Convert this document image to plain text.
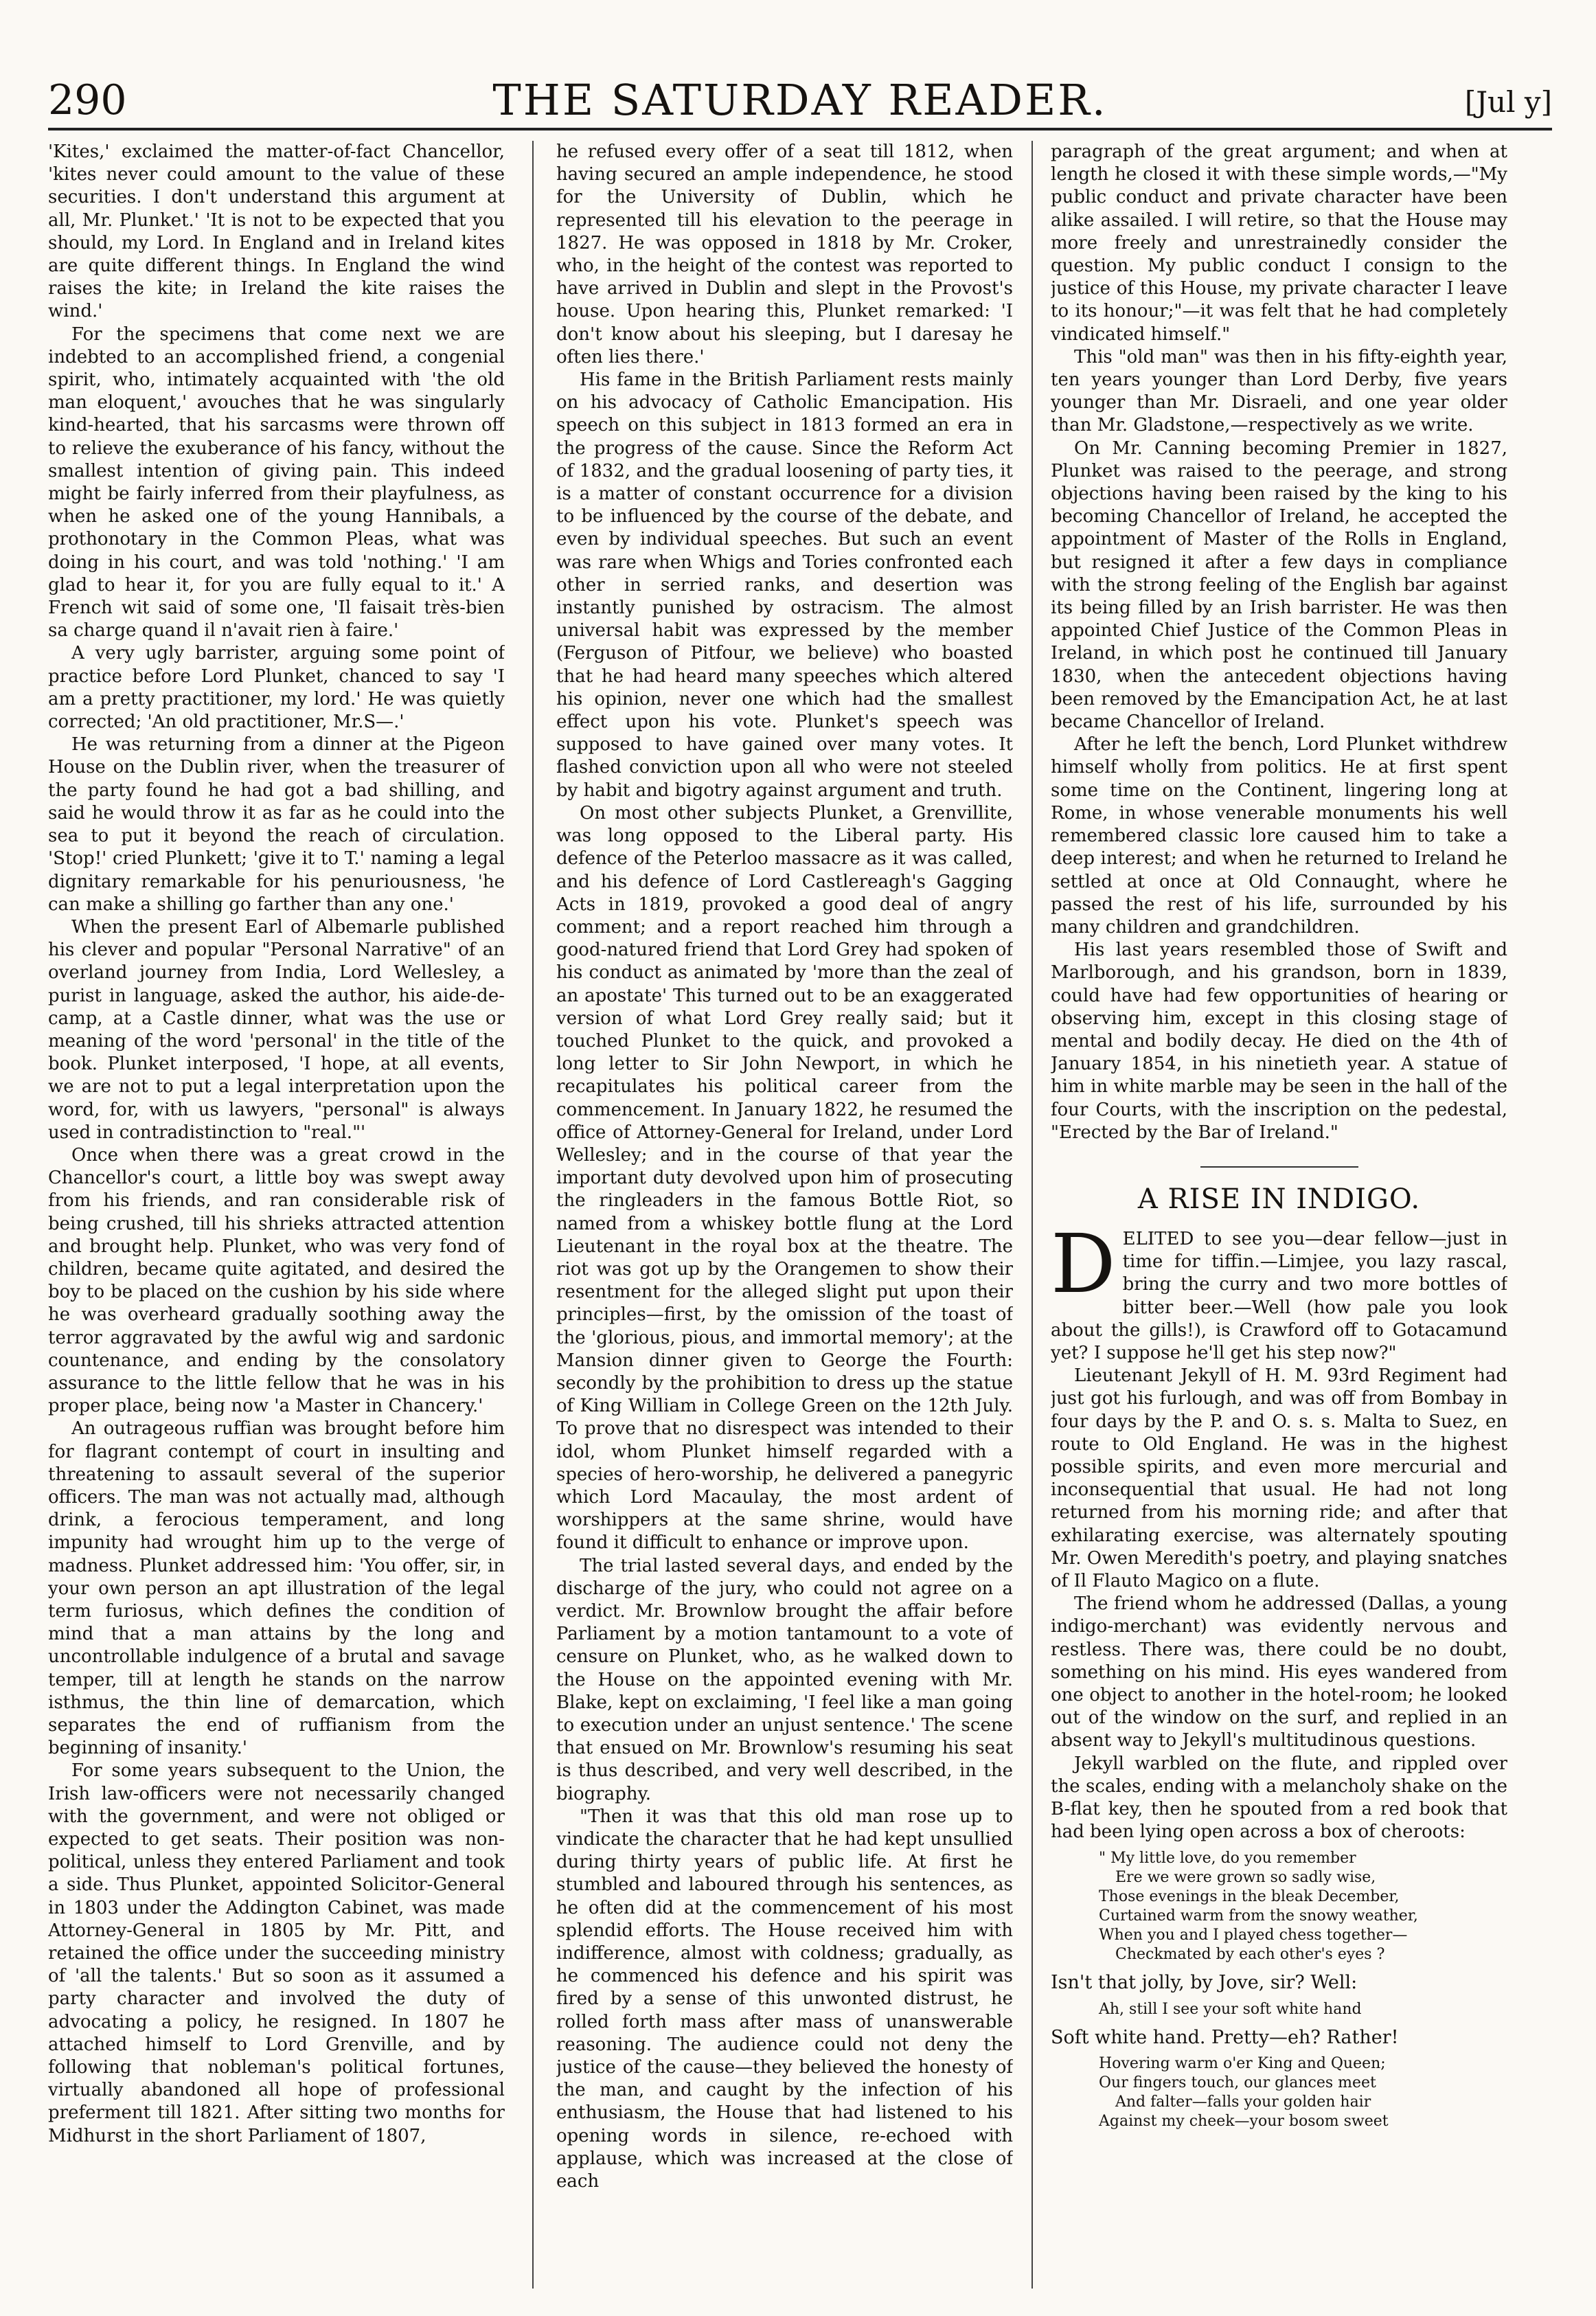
290	THE SATURDAY READER.	[Jul y]

'Kites,' exclaimed the matter-of-fact Chancellor, 'kites never could amount to the value of these securities. I don't understand this argument at all, Mr. Plunket.' 'It is not to be expected that you should, my Lord. In England and in Ireland kites are quite different things. In England the wind raises the kite; in Ireland the kite raises the wind.'

For the specimens that come next we are indebted to an accomplished friend, a congenial spirit, who, intimately acquainted with 'the old man eloquent,' avouches that he was singularly kind-hearted, that his sarcasms were thrown off to relieve the exuberance of his fancy, without the smallest intention of giving pain. This indeed might be fairly inferred from their playfulness, as when he asked one of the young Hannibals, a prothonotary in the Common Pleas, what was doing in his court, and was told 'nothing.' 'I am glad to hear it, for you are fully equal to it.' A French wit said of some one, 'Il faisait très-bien sa charge quand il n'avait rien à faire.'

A very ugly barrister, arguing some point of practice before Lord Plunket, chanced to say 'I am a pretty practitioner, my lord.' He was quietly corrected; 'An old practitioner, Mr.S—.'

He was returning from a dinner at the Pigeon House on the Dublin river, when the treasurer of the party found he had got a bad shilling, and said he would throw it as far as he could into the sea to put it beyond the reach of circulation. 'Stop!' cried Plunkett; 'give it to T.' naming a legal dignitary remarkable for his penuriousness, 'he can make a shilling go farther than any one.'

When the present Earl of Albemarle published his clever and popular "Personal Narrative" of an overland journey from India, Lord Wellesley, a purist in language, asked the author, his aide-de-camp, at a Castle dinner, what was the use or meaning of the word 'personal' in the title of the book. Plunket interposed, 'I hope, at all events, we are not to put a legal interpretation upon the word, for, with us lawyers, "personal" is always used in contradistinction to "real."'

Once when there was a great crowd in the Chancellor's court, a little boy was swept away from his friends, and ran considerable risk of being crushed, till his shrieks attracted attention and brought help. Plunket, who was very fond of children, became quite agitated, and desired the boy to be placed on the cushion by his side where he was overheard gradually soothing away the terror aggravated by the awful wig and sardonic countenance, and ending by the consolatory assurance to the little fellow that he was in his proper place, being now 'a Master in Chancery.'

An outrageous ruffian was brought before him for flagrant contempt of court in insulting and threatening to assault several of the superior officers. The man was not actually mad, although drink, a ferocious temperament, and long impunity had wrought him up to the verge of madness. Plunket addressed him: 'You offer, sir, in your own person an apt illustration of the legal term furiosus, which defines the condition of mind that a man attains by the long and uncontrollable indulgence of a brutal and savage temper, till at length he stands on the narrow isthmus, the thin line of demarcation, which separates the end of ruffianism from the beginning of insanity.'

For some years subsequent to the Union, the Irish law-officers were not necessarily changed with the government, and were not obliged or expected to get seats. Their position was non-political, unless they entered Parliament and took a side. Thus Plunket, appointed Solicitor-General in 1803 under the Addington Cabinet, was made Attorney-General in 1805 by Mr. Pitt, and retained the office under the succeeding ministry of 'all the talents.' But so soon as it assumed a party character and involved the duty of advocating a policy, he resigned. In 1807 he attached himself to Lord Grenville, and by following that nobleman's political fortunes, virtually abandoned all hope of professional preferment till 1821. After sitting two months for Midhurst in the short Parliament of 1807,

he refused every offer of a seat till 1812, when having secured an ample independence, he stood for the University of Dublin, which he represented till his elevation to the peerage in 1827. He was opposed in 1818 by Mr. Croker, who, in the height of the contest was reported to have arrived in Dublin and slept in the Provost's house. Upon hearing this, Plunket remarked: 'I don't know about his sleeping, but I daresay he often lies there.'

His fame in the British Parliament rests mainly on his advocacy of Catholic Emancipation. His speech on this subject in 1813 formed an era in the progress of the cause. Since the Reform Act of 1832, and the gradual loosening of party ties, it is a matter of constant occurrence for a division to be influenced by the course of the debate, and even by individual speeches. But such an event was rare when Whigs and Tories confronted each other in serried ranks, and desertion was instantly punished by ostracism. The almost universal habit was expressed by the member (Ferguson of Pitfour, we believe) who boasted that he had heard many speeches which altered his opinion, never one which had the smallest effect upon his vote. Plunket's speech was supposed to have gained over many votes. It flashed conviction upon all who were not steeled by habit and bigotry against argument and truth.

On most other subjects Plunket, a Grenvillite, was long opposed to the Liberal party. His defence of the Peterloo massacre as it was called, and his defence of Lord Castlereagh's Gagging Acts in 1819, provoked a good deal of angry comment; and a report reached him through a good-natured friend that Lord Grey had spoken of his conduct as animated by 'more than the zeal of an apostate' This turned out to be an exaggerated version of what Lord Grey really said; but it touched Plunket to the quick, and provoked a long letter to Sir John Newport, in which he recapitulates his political career from the commencement. In January 1822, he resumed the office of Attorney-General for Ireland, under Lord Wellesley; and in the course of that year the important duty devolved upon him of prosecuting the ringleaders in the famous Bottle Riot, so named from a whiskey bottle flung at the Lord Lieutenant in the royal box at the theatre. The riot was got up by the Orangemen to show their resentment for the alleged slight put upon their principles—first, by the omission of the toast of the 'glorious, pious, and immortal memory'; at the Mansion dinner given to George the Fourth: secondly by the prohibition to dress up the statue of King William in College Green on the 12th July. To prove that no disrespect was intended to their idol, whom Plunket himself regarded with a species of hero-worship, he delivered a panegyric which Lord Macaulay, the most ardent of worshippers at the same shrine, would have found it difficult to enhance or improve upon.

The trial lasted several days, and ended by the discharge of the jury, who could not agree on a verdict. Mr. Brownlow brought the affair before Parliament by a motion tantamount to a vote of censure on Plunket, who, as he walked down to the House on the appointed evening with Mr. Blake, kept on exclaiming, 'I feel like a man going to execution under an unjust sentence.' The scene that ensued on Mr. Brownlow's resuming his seat is thus described, and very well described, in the biography.

"Then it was that this old man rose up to vindicate the character that he had kept unsullied during thirty years of public life. At first he stumbled and laboured through his sentences, as he often did at the commencement of his most splendid efforts. The House received him with indifference, almost with coldness; gradually, as he commenced his defence and his spirit was fired by a sense of this unwonted distrust, he rolled forth mass after mass of unanswerable reasoning. The audience could not deny the justice of the cause—they believed the honesty of the man, and caught by the infection of his enthusiasm, the House that had listened to his opening words in silence, re-echoed with applause, which was increased at the close of each

paragraph of the great argument; and when at length he closed it with these simple words,—"My public conduct and private character have been alike assailed. I will retire, so that the House may more freely and unrestrainedly consider the question. My public conduct I consign to the justice of this House, my private character I leave to its honour;"—it was felt that he had completely vindicated himself."

This "old man" was then in his fifty-eighth year, ten years younger than Lord Derby, five years younger than Mr. Disraeli, and one year older than Mr. Gladstone,—respectively as we write.

On Mr. Canning becoming Premier in 1827, Plunket was raised to the peerage, and strong objections having been raised by the king to his becoming Chancellor of Ireland, he accepted the appointment of Master of the Rolls in England, but resigned it after a few days in compliance with the strong feeling of the English bar against its being filled by an Irish barrister. He was then appointed Chief Justice of the Common Pleas in Ireland, in which post he continued till January 1830, when the antecedent objections having been removed by the Emancipation Act, he at last became Chancellor of Ireland.

After he left the bench, Lord Plunket withdrew himself wholly from politics. He at first spent some time on the Continent, lingering long at Rome, in whose venerable monuments his well remembered classic lore caused him to take a deep interest; and when he returned to Ireland he settled at once at Old Connaught, where he passed the rest of his life, surrounded by his many children and grandchildren.

His last years resembled those of Swift and Marlborough, and his grandson, born in 1839, could have had few opportunities of hearing or observing him, except in this closing stage of mental and bodily decay. He died on the 4th of January 1854, in his ninetieth year. A statue of him in white marble may be seen in the hall of the four Courts, with the inscription on the pedestal, "Erected by the Bar of Ireland."

A RISE IN INDIGO.

DELITED to see you—dear fellow—just in time for tiffin.—Limjee, you lazy rascal, bring the curry and two more bottles of bitter beer.—Well (how pale you look about the gills!), is Crawford off to Gotacamund yet? I suppose he'll get his step now?"

Lieutenant Jekyll of H. M. 93rd Regiment had just got his furlough, and was off from Bombay in four days by the P. and O. s. s. Malta to Suez, en route to Old England. He was in the highest possible spirits, and even more mercurial and inconsequential that usual. He had not long returned from his morning ride; and after that exhilarating exercise, was alternately spouting Mr. Owen Meredith's poetry, and playing snatches of Il Flauto Magico on a flute.

The friend whom he addressed (Dallas, a young indigo-merchant) was evidently nervous and restless. There was, there could be no doubt, something on his mind. His eyes wandered from one object to another in the hotel-room; he looked out of the window on the surf, and replied in an absent way to Jekyll's multitudinous questions.

Jekyll warbled on the flute, and rippled over the scales, ending with a melancholy shake on the B-flat key, then he spouted from a red book that had been lying open across a box of cheroots:

" My little love, do you remember
Ere we were grown so sadly wise,
Those evenings in the bleak December,
Curtained warm from the snowy weather,
When you and I played chess together—
Checkmated by each other's eyes ?

Isn't that jolly, by Jove, sir? Well:

Ah, still I see your soft white hand

Soft white hand. Pretty—eh? Rather!

Hovering warm o'er King and Queen;
Our fingers touch, our glances meet
And falter—falls your golden hair
Against my cheek—your bosom sweet
